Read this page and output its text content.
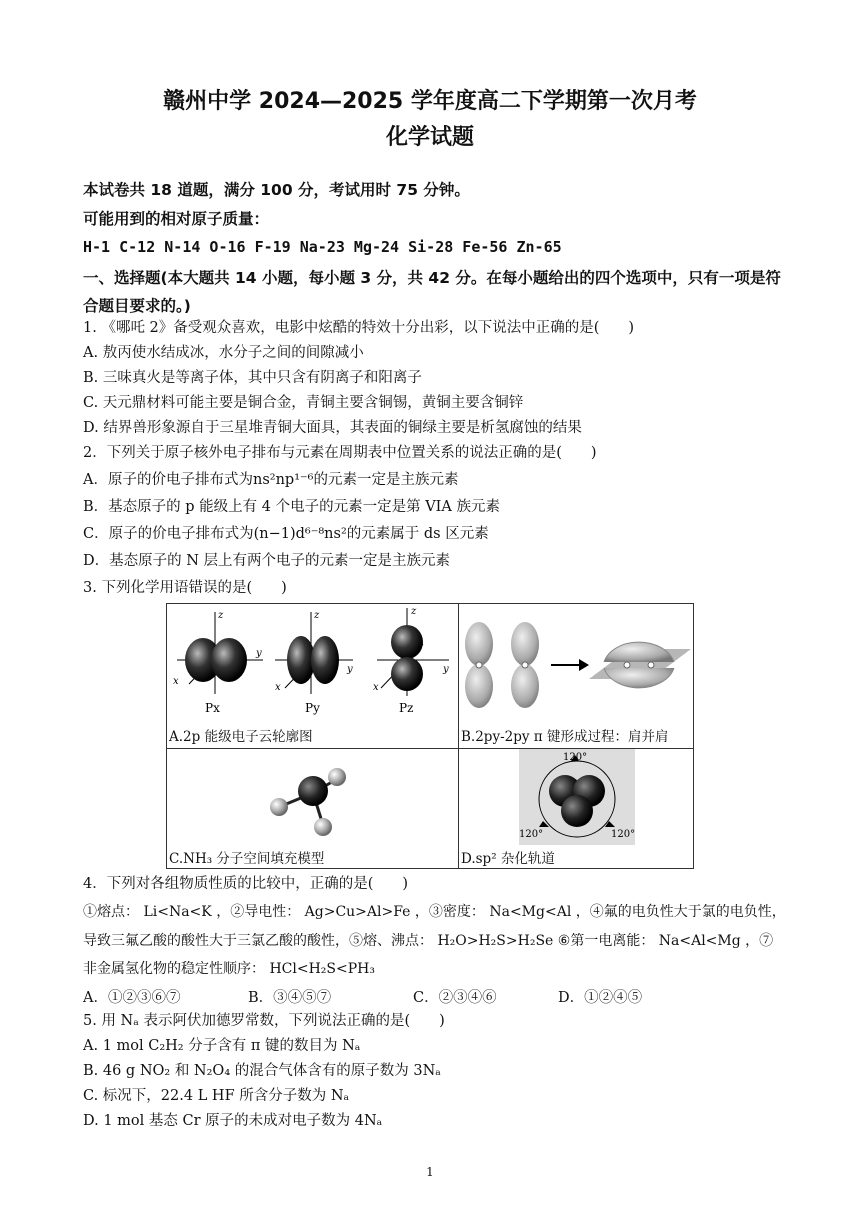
赣州中学 2024—2025 学年度高二下学期第一次月考
化学试题
本试卷共 18 道题，满分 100 分，考试用时 75 分钟。
可能用到的相对原子质量：
H-1 C-12 N-14 O-16 F-19 Na-23 Mg-24 Si-28 Fe-56 Zn-65
一、选择题(本大题共 14 小题，每小题 3 分，共 42 分。在每小题给出的四个选项中，只有一项是符合题目要求的。)
1. 《哪吒 2》备受观众喜欢，电影中炫酷的特效十分出彩，以下说法中正确的是(　　)
A. 敖丙使水结成冰，水分子之间的间隙减小
B. 三味真火是等离子体，其中只含有阴离子和阳离子
C. 天元鼎材料可能主要是铜合金，青铜主要含铜锡，黄铜主要含铜锌
D. 结界兽形象源自于三星堆青铜大面具，其表面的铜绿主要是析氢腐蚀的结果
2．下列关于原子核外电子排布与元素在周期表中位置关系的说法正确的是(　　)
A．原子的价电子排布式为ns²np¹⁻⁶的元素一定是主族元素
B．基态原子的 p 能级上有 4 个电子的元素一定是第 VIA 族元素
C．原子的价电子排布式为(n−1)d⁶⁻⁸ns²的元素属于 ds 区元素
D．基态原子的 N 层上有两个电子的元素一定是主族元素
3. 下列化学用语错误的是(　　)
z
y
x
Px
z
y
x
Py
z
y
x
Pz
A.2p 能级电子云轮廓图	B.2py-2py π 键形成过程：肩并肩
C.NH₃ 分子空间填充模型
120°
120°	120°
D.sp² 杂化轨道
4．下列对各组物质性质的比较中，正确的是(　　)
①熔点： Li<Na<K ，②导电性： Ag>Cu>Al>Fe ，③密度： Na<Mg<Al ，④氟的电负性大于氯的电负性，
导致三氟乙酸的酸性大于三氯乙酸的酸性，⑤熔、沸点： H₂O>H₂S>H₂Se ⑥第一电离能： Na<Al<Mg ，⑦
非金属氢化物的稳定性顺序： HCl<H₂S<PH₃
A．①②③⑥⑦	B．③④⑤⑦	C．②③④⑥	D．①②④⑤
5. 用 Nₐ 表示阿伏加德罗常数，下列说法正确的是(　　)
A. 1 mol C₂H₂ 分子含有 π 键的数目为 Nₐ
B. 46 g NO₂ 和 N₂O₄ 的混合气体含有的原子数为 3Nₐ
C. 标况下，22.4 L HF 所含分子数为 Nₐ
D. 1 mol 基态 Cr 原子的未成对电子数为 4Nₐ
1
